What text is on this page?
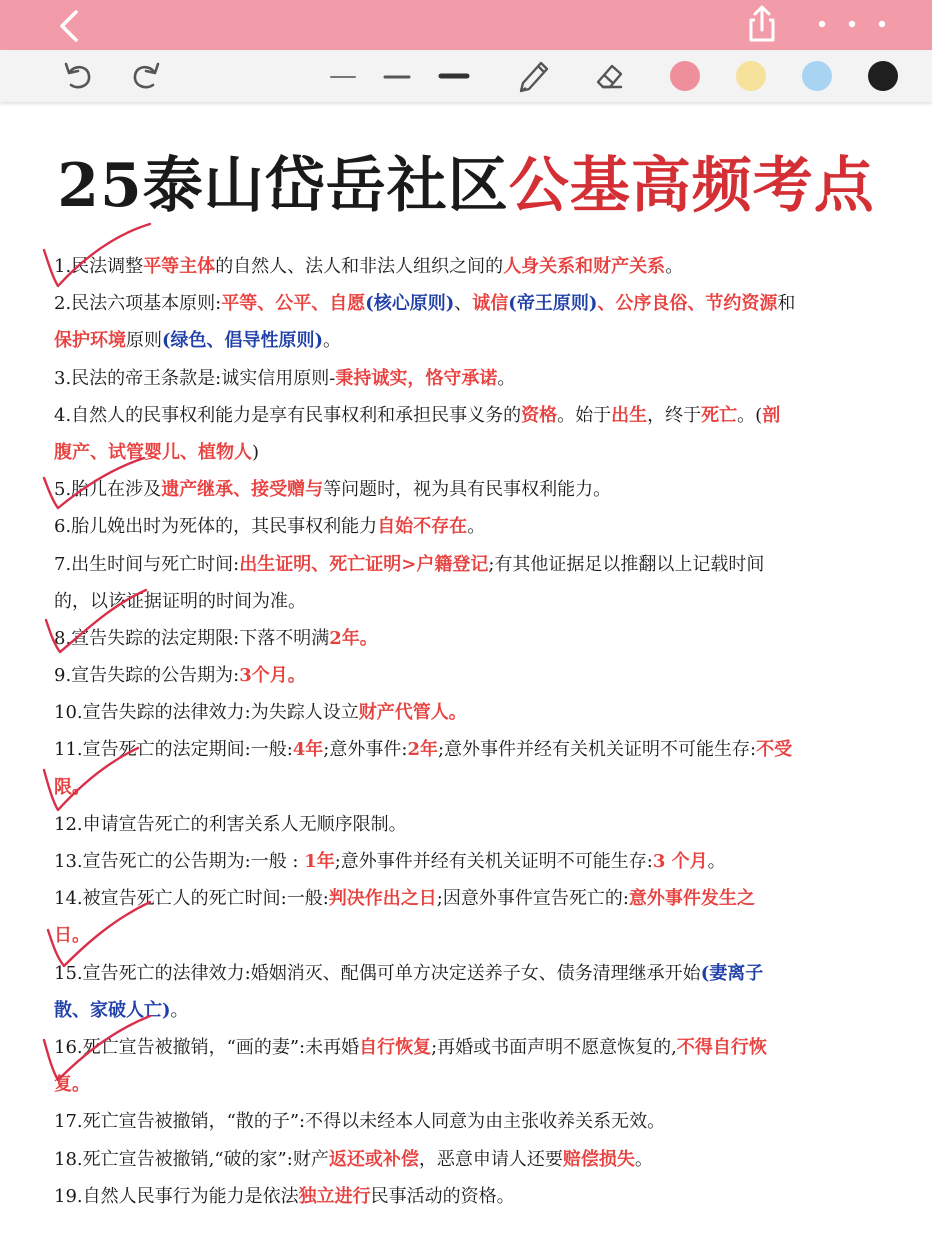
25泰山岱岳社区公基高频考点
1.民法调整平等主体的自然人、法人和非法人组织之间的人身关系和财产关系。
2.民法六项基本原则:平等、公平、自愿(核心原则)、诚信(帝王原则)、公序良俗、节约资源和
保护环境原则(绿色、倡导性原则)。
3.民法的帝王条款是:诚实信用原则-秉持诚实，恪守承诺。
4.自然人的民事权利能力是享有民事权利和承担民事义务的资格。始于出生，终于死亡。(剖
腹产、试管婴儿、植物人)
5.胎儿在涉及遗产继承、接受赠与等问题时，视为具有民事权利能力。
6.胎儿娩出时为死体的，其民事权利能力自始不存在。
7.出生时间与死亡时间:出生证明、死亡证明>户籍登记;有其他证据足以推翻以上记载时间
的，以该证据证明的时间为准。
8.宣告失踪的法定期限:下落不明满2年。
9.宣告失踪的公告期为:3个月。
10.宣告失踪的法律效力:为失踪人设立财产代管人。
11.宣告死亡的法定期间:一般:4年;意外事件:2年;意外事件并经有关机关证明不可能生存:不受
限。
12.申请宣告死亡的利害关系人无顺序限制。
13.宣告死亡的公告期为:一般 : 1年;意外事件并经有关机关证明不可能生存:3 个月。
14.被宣告死亡人的死亡时间:一般:判决作出之日;因意外事件宣告死亡的:意外事件发生之
日。
15.宣告死亡的法律效力:婚姻消灭、配偶可单方决定送养子女、债务清理继承开始(妻离子
散、家破人亡)。
16.死亡宣告被撤销，“画的妻”:未再婚自行恢复;再婚或书面声明不愿意恢复的,不得自行恢
复。
17.死亡宣告被撤销，“散的子”:不得以未经本人同意为由主张收养关系无效。
18.死亡宣告被撤销,“破的家”:财产返还或补偿，恶意申请人还要赔偿损失。
19.自然人民事行为能力是依法独立进行民事活动的资格。
